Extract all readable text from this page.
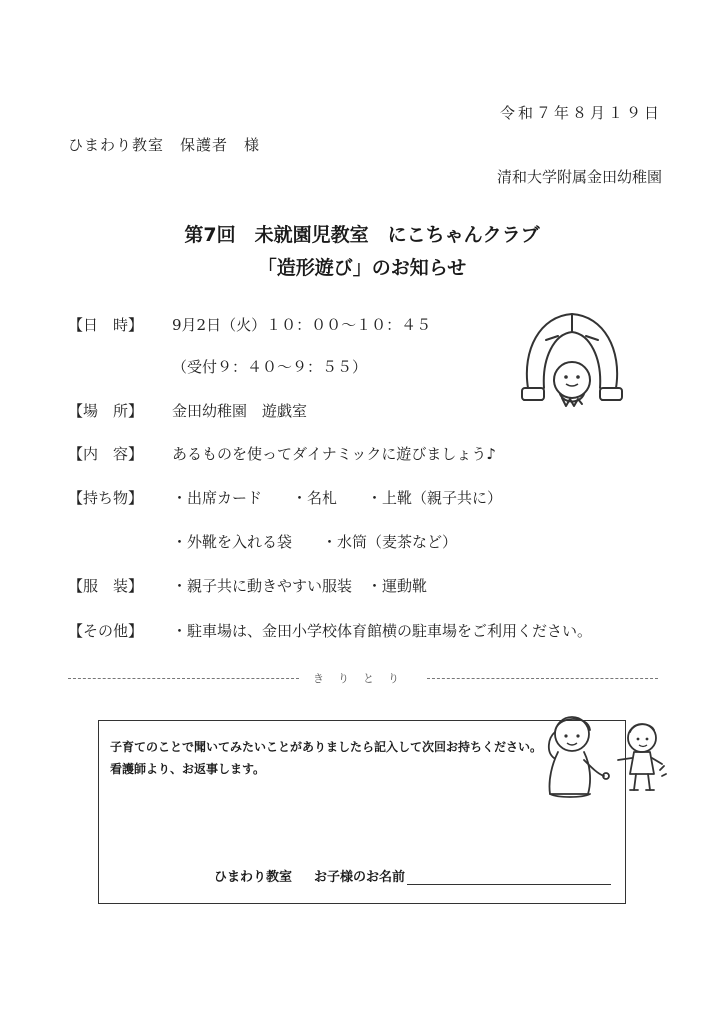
令和７年８月１９日
ひまわり教室　保護者　様
清和大学附属金田幼稚園
第7回　未就園児教室　にこちゃんクラブ
「造形遊び」のお知らせ
【日　時】	9月2日（火）１０：００～１０：４５
（受付９：４０～９：５５）
【場　所】	金田幼稚園　遊戯室
【内　容】	あるものを使ってダイナミックに遊びましょう♪
【持ち物】	・出席カード　　・名札　　・上靴（親子共に）
・外靴を入れる袋　　・水筒（麦茶など）
【服　装】	・親子共に動きやすい服装　・運動靴
【その他】	・駐車場は、金田小学校体育館横の駐車場をご利用ください。
きりとり
子育てのことで聞いてみたいことがありましたら記入して次回お持ちください。
看護師より、お返事します。
ひまわり教室 お子様のお名前
